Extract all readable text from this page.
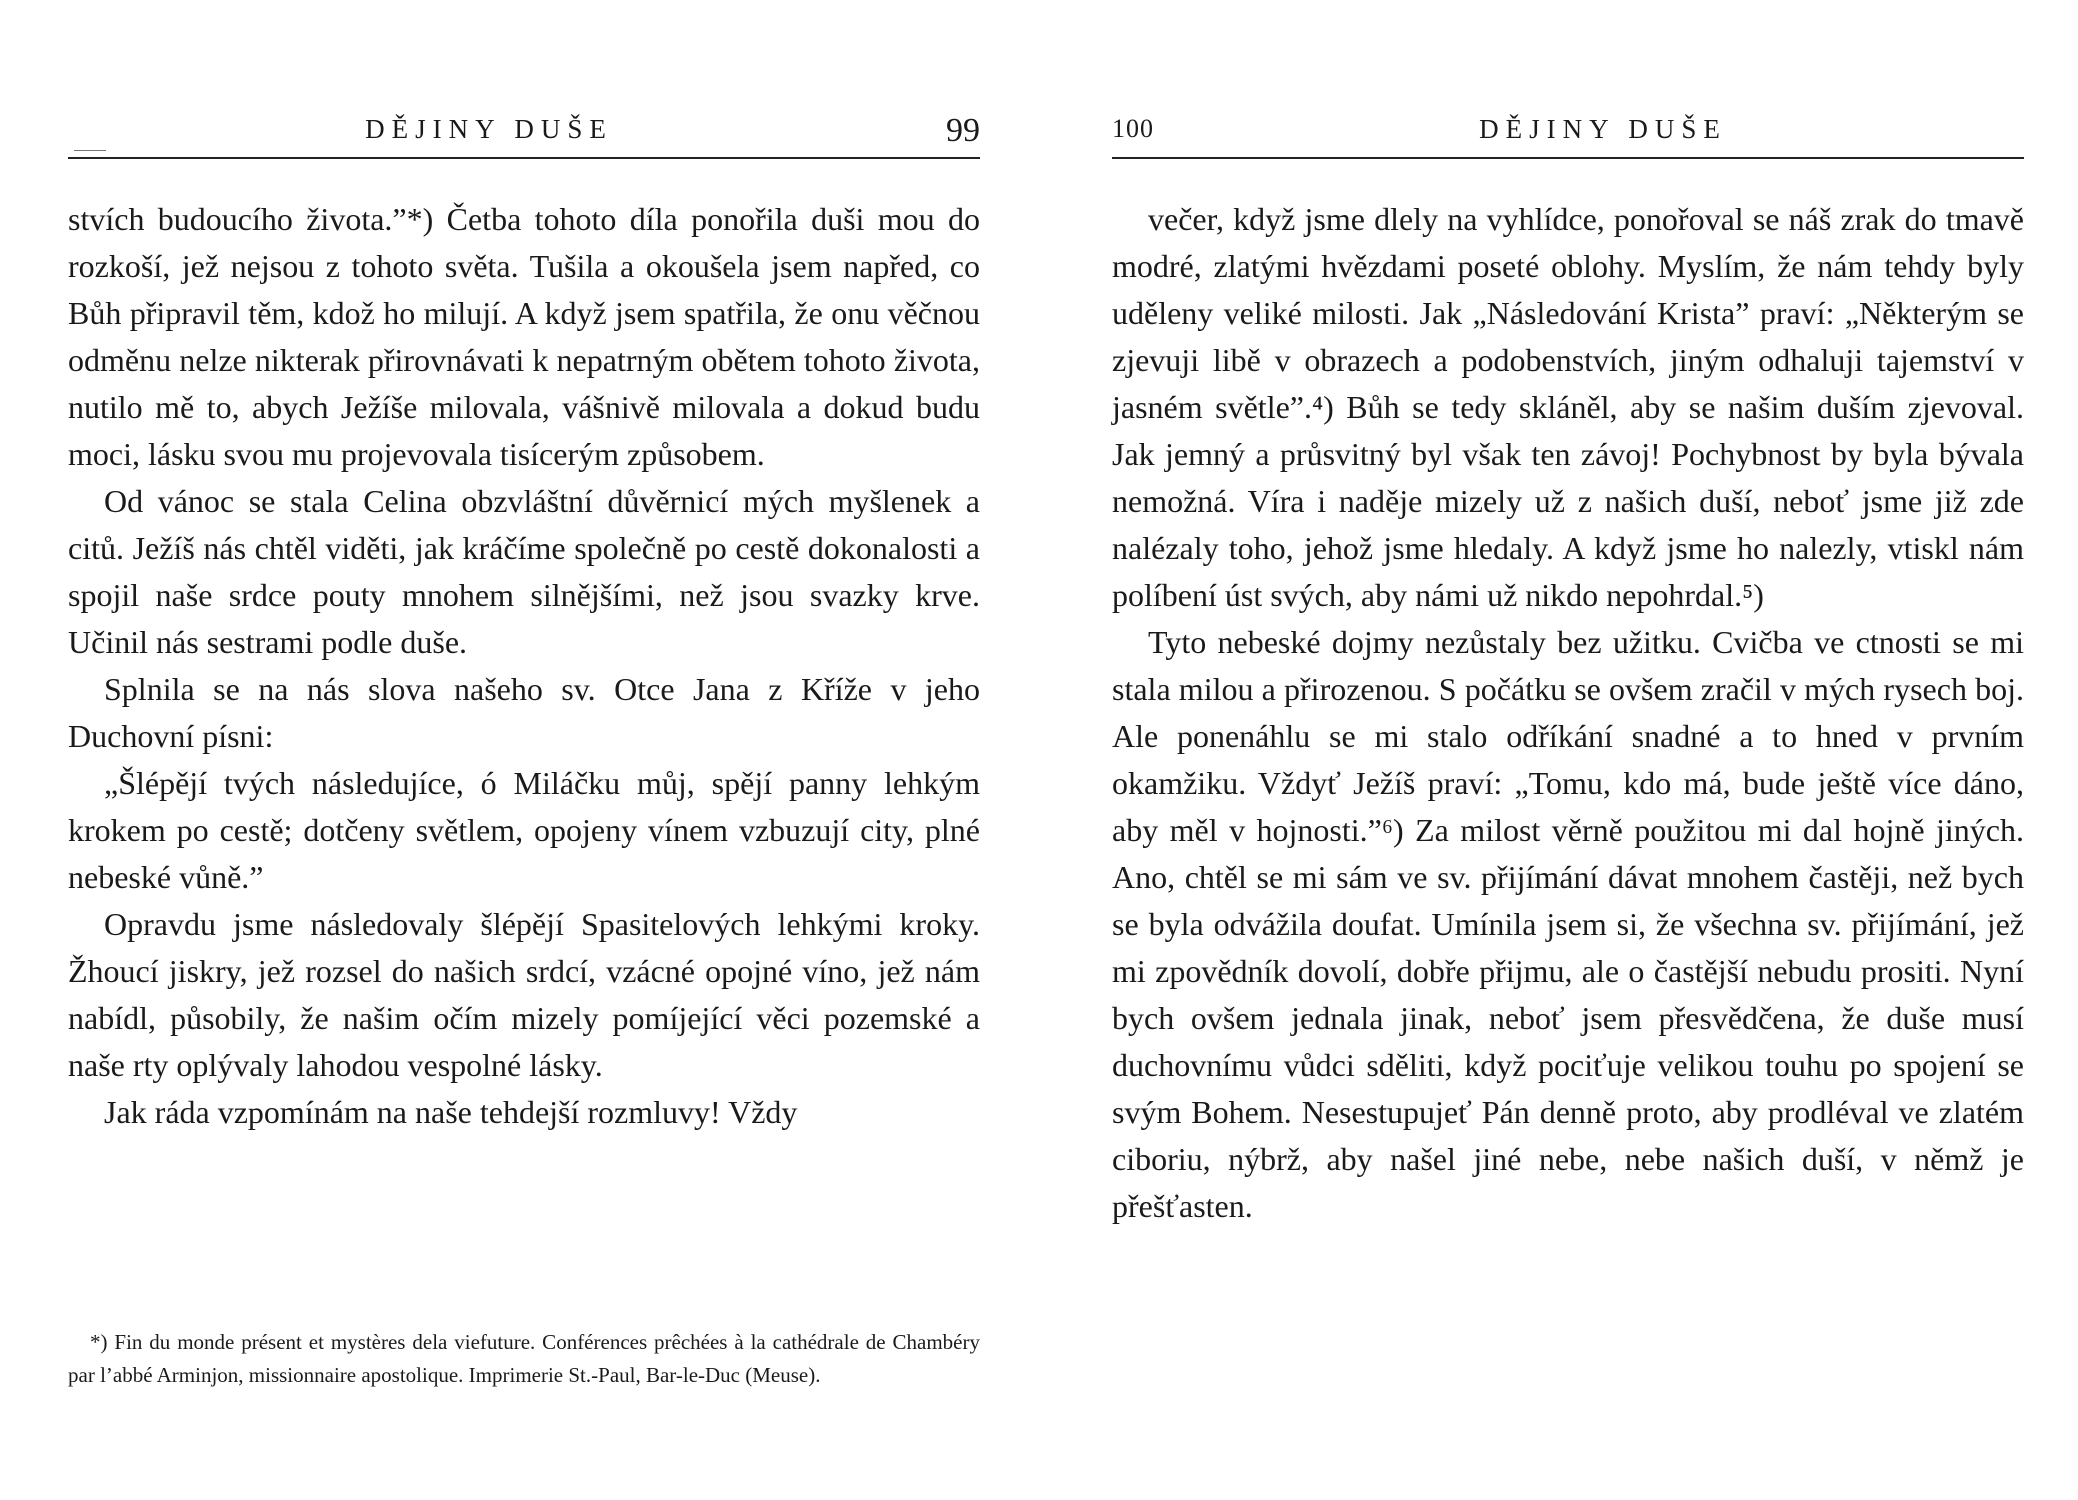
DĚJINY DUŠE	99

stvích budoucího života.”*) Četba tohoto díla ponořila duši mou do rozkoší, jež nejsou z tohoto světa. Tušila a okoušela jsem napřed, co Bůh připravil těm, kdož ho milují. A když jsem spatřila, že onu věčnou odměnu nelze nikterak přirovnávati k nepatrným obětem tohoto života, nutilo mě to, abych Ježíše milovala, vášnivě milovala a dokud budu moci, lásku svou mu projevovala tisícerým způsobem.

Od vánoc se stala Celina obzvláštní důvěrnicí mých myšlenek a citů. Ježíš nás chtěl viděti, jak kráčíme společně po cestě dokonalosti a spojil naše srdce pouty mnohem silnějšími, než jsou svazky krve. Učinil nás sestrami podle duše.

Splnila se na nás slova našeho sv. Otce Jana z Kříže v jeho Duchovní písni:

„Šlépějí tvých následujíce, ó Miláčku můj, spějí panny lehkým krokem po cestě; dotčeny světlem, opojeny vínem vzbuzují city, plné nebeské vůně.”

Opravdu jsme následovaly šlépějí Spasitelových lehkými kroky. Žhoucí jiskry, jež rozsel do našich srdcí, vzácné opojné víno, jež nám nabídl, působily, že našim očím mizely pomíjející věci pozemské a naše rty oplývaly lahodou vespolné lásky.

Jak ráda vzpomínám na naše tehdejší rozmluvy! Vždy

*) Fin du monde présent et mystères dela viefuture. Conférences prêchées à la cathédrale de Chambéry par l’abbé Arminjon, missionnaire apostolique. Imprimerie St.-Paul, Bar-le-Duc (Meuse).
100	DĚJINY DUŠE

večer, když jsme dlely na vyhlídce, ponořoval se náš zrak do tmavě modré, zlatými hvězdami poseté oblohy. Myslím, že nám tehdy byly uděleny veliké milosti. Jak „Následování Krista” praví: „Některým se zjevuji libě v obrazech a podobenstvích, jiným odhaluji tajemství v jasném světle”.⁴) Bůh se tedy skláněl, aby se našim duším zjevoval. Jak jemný a průsvitný byl však ten závoj! Pochybnost by byla bývala nemožná. Víra i naděje mizely už z našich duší, neboť jsme již zde nalézaly toho, jehož jsme hledaly. A když jsme ho nalezly, vtiskl nám políbení úst svých, aby námi už nikdo nepohrdal.⁵)

Tyto nebeské dojmy nezůstaly bez užitku. Cvičba ve ctnosti se mi stala milou a přirozenou. S počátku se ovšem zračil v mých rysech boj. Ale ponenáhlu se mi stalo odříkání snadné a to hned v prvním okamžiku. Vždyť Ježíš praví: „Tomu, kdo má, bude ještě více dáno, aby měl v hojnosti.”⁶) Za milost věrně použitou mi dal hojně jiných. Ano, chtěl se mi sám ve sv. přijímání dávat mnohem častěji, než bych se byla odvážila doufat. Umínila jsem si, že všechna sv. přijímání, jež mi zpovědník dovolí, dobře přijmu, ale o častější nebudu prositi. Nyní bych ovšem jednala jinak, neboť jsem přesvědčena, že duše musí duchovnímu vůdci sděliti, když pociťuje velikou touhu po spojení se svým Bohem. Nesestupujeť Pán denně proto, aby prodléval ve zlatém ciboriu, nýbrž, aby našel jiné nebe, nebe našich duší, v němž je přešťasten.
